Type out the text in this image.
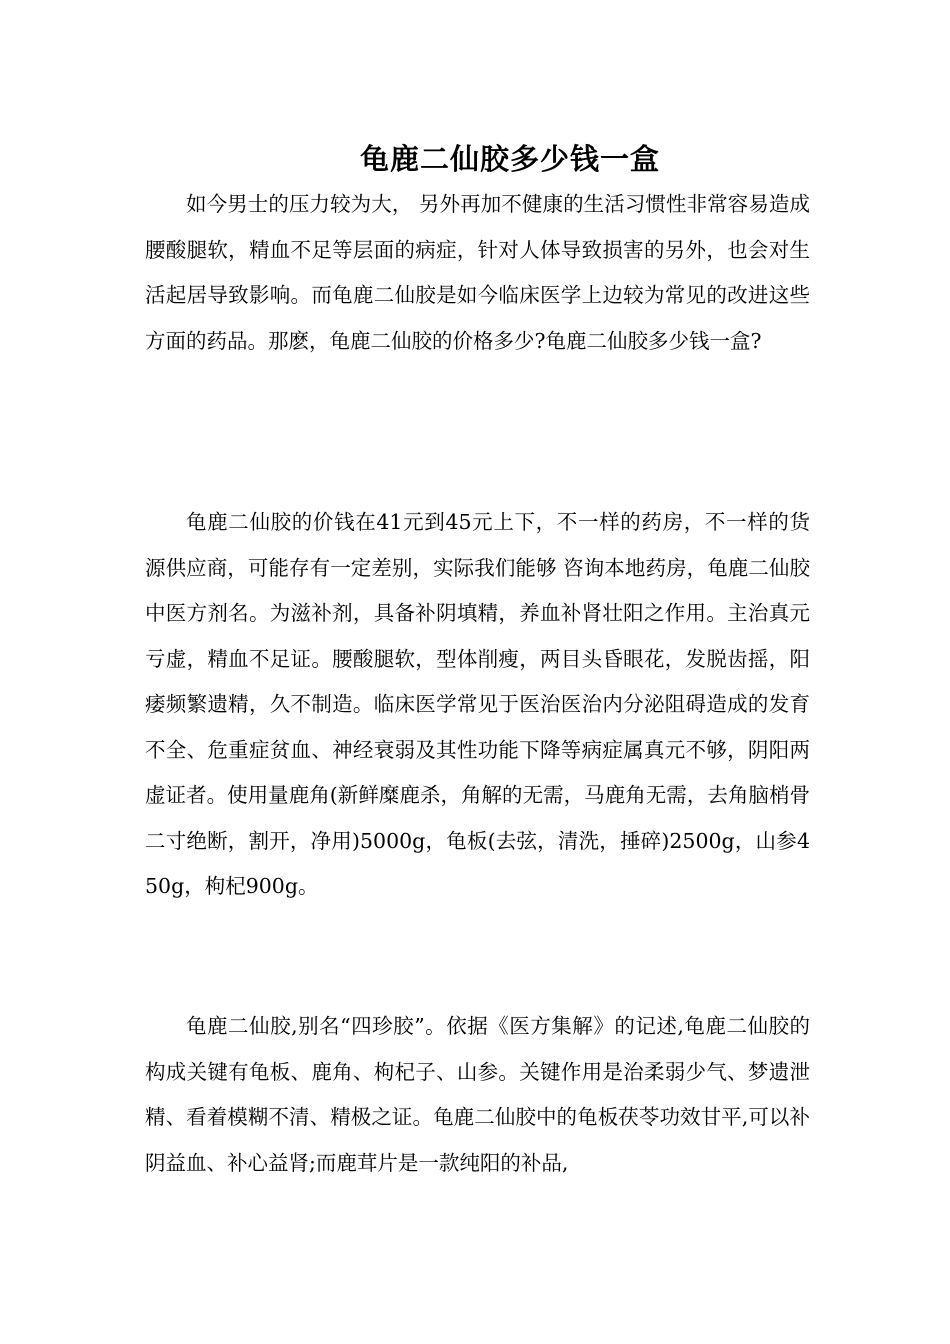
龟鹿二仙胶多少钱一盒

如今男士的压力较为大， 另外再加不健康的生活习惯性非常容易造成腰酸腿软，精血不足等层面的病症，针对人体导致损害的另外，也会对生活起居导致影响。而龟鹿二仙胶是如今临床医学上边较为常见的改进这些方面的药品。那麽，龟鹿二仙胶的价格多少?龟鹿二仙胶多少钱一盒?

龟鹿二仙胶的价钱在41元到45元上下，不一样的药房，不一样的货源供应商，可能存有一定差别，实际我们能够 咨询本地药房，龟鹿二仙胶中医方剂名。为滋补剂，具备补阴填精，养血补肾壮阳之作用。主治真元亏虚，精血不足证。腰酸腿软，型体削瘦，两目头昏眼花，发脱齿摇，阳痿频繁遗精，久不制造。临床医学常见于医治医治内分泌阻碍造成的发育不全、危重症贫血、神经衰弱及其性功能下降等病症属真元不够，阴阳两虚证者。使用量鹿角(新鲜糜鹿杀，角解的无需，马鹿角无需，去角脑梢骨二寸绝断，割开，净用)5000g，龟板(去弦，清洗，捶碎)2500g，山参450g，枸杞900g。

龟鹿二仙胶,别名“四珍胶”。依据《医方集解》的记述,龟鹿二仙胶的构成关键有龟板、鹿角、枸杞子、山参。关键作用是治柔弱少气、梦遗泄精、看着模糊不清、精极之证。龟鹿二仙胶中的龟板茯苓功效甘平,可以补阴益血、补心益肾;而鹿茸片是一款纯阳的补品,
